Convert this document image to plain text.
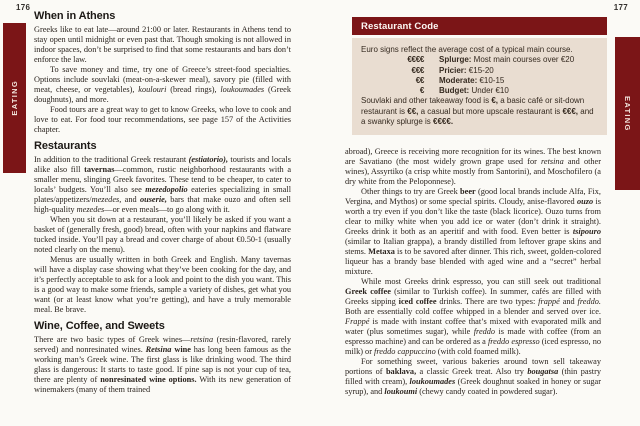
176
EATING
When in Athens

Greeks like to eat late—around 21:00 or later. Restaurants in Athens tend to stay open until midnight or even past that. Though smoking is not allowed in indoor spaces, don’t be surprised to find that some restaurants and bars don’t enforce the law.

To save money and time, try one of Greece’s street-food specialties. Options include souvlaki (meat-on-a-skewer meal), savory pie (filled with meat, cheese, or vegetables), koulouri (bread rings), loukoumades (Greek doughnuts), and more.

Food tours are a great way to get to know Greeks, who love to cook and love to eat. For food tour recommendations, see page 157 of the Activities chapter.

Restaurants

In addition to the traditional Greek restaurant (estiatorio), tourists and locals alike also fill tavernas—common, rustic neighborhood restaurants with a smaller menu, slinging Greek favorites. These tend to be cheaper, to cater to locals’ budgets. You’ll also see mezedopolio eateries specializing in small plates/appetizers/mezedes, and ouserie, bars that make ouzo and often sell high-quality mezedes—or even meals—to go along with it.

When you sit down at a restaurant, you’ll likely be asked if you want a basket of (generally fresh, good) bread, often with your napkins and flatware tucked inside. You’ll pay a bread and cover charge of about €0.50-1 (usually noted clearly on the menu).

Menus are usually written in both Greek and English. Many tavernas will have a display case showing what they’ve been cooking for the day, and it’s perfectly acceptable to ask for a look and point to the dish you want. This is a good way to make some friends, sample a variety of dishes, get what you want (or at least know what you’re getting), and have a truly memorable meal. Be brave.

Wine, Coffee, and Sweets

There are two basic types of Greek wines—retsina (resin-flavored, rarely served) and nonresinated wines. Retsina wine has long been famous as the working man’s Greek wine. The first glass is like drinking wood. The third glass is dangerous: It starts to taste good. If pine sap is not your cup of tea, there are plenty of nonresinated wine options. With its new generation of winemakers (many of them trained

177
EATING
Restaurant Code
Euro signs reflect the average cost of a typical main course.
€€€€ Splurge: Most main courses over €20
€€€ Pricier: €15-20
€€ Moderate: €10-15
€ Budget: Under €10
Souvlaki and other takeaway food is €, a basic café or sit-down restaurant is €€, a casual but more upscale restaurant is €€€, and a swanky splurge is €€€€.

abroad), Greece is receiving more recognition for its wines. The best known are Savatiano (the most widely grown grape used for retsina and other wines), Assyrtiko (a crisp white mostly from Santorini), and Moschofilero (a dry white from the Peloponnese).

Other things to try are Greek beer (good local brands include Alfa, Fix, Vergina, and Mythos) or some special spirits. Cloudy, anise-flavored ouzo is worth a try even if you don’t like the taste (black licorice). Ouzo turns from clear to milky white when you add ice or water (don’t drink it straight). Greeks drink it both as an aperitif and with food. Even better is tsipouro (similar to Italian grappa), a brandy distilled from leftover grape skins and stems. Metaxa is to be savored after dinner. This rich, sweet, golden-colored liqueur has a brandy base blended with aged wine and a “secret” herbal mixture.

While most Greeks drink espresso, you can still seek out traditional Greek coffee (similar to Turkish coffee). In summer, cafés are filled with Greeks sipping iced coffee drinks. There are two types: frappé and freddo. Both are essentially cold coffee whipped in a blender and served over ice. Frappé is made with instant coffee that’s mixed with evaporated milk and water (plus sometimes sugar), while freddo is made with coffee (from an espresso machine) and can be ordered as a freddo espresso (iced espresso, no milk) or freddo cappuccino (with cold foamed milk).

For something sweet, various bakeries around town sell takeaway portions of baklava, a classic Greek treat. Also try bougatsa (thin pastry filled with cream), loukoumades (Greek doughnut soaked in honey or sugar syrup), and loukoumi (chewy candy coated in powdered sugar).
